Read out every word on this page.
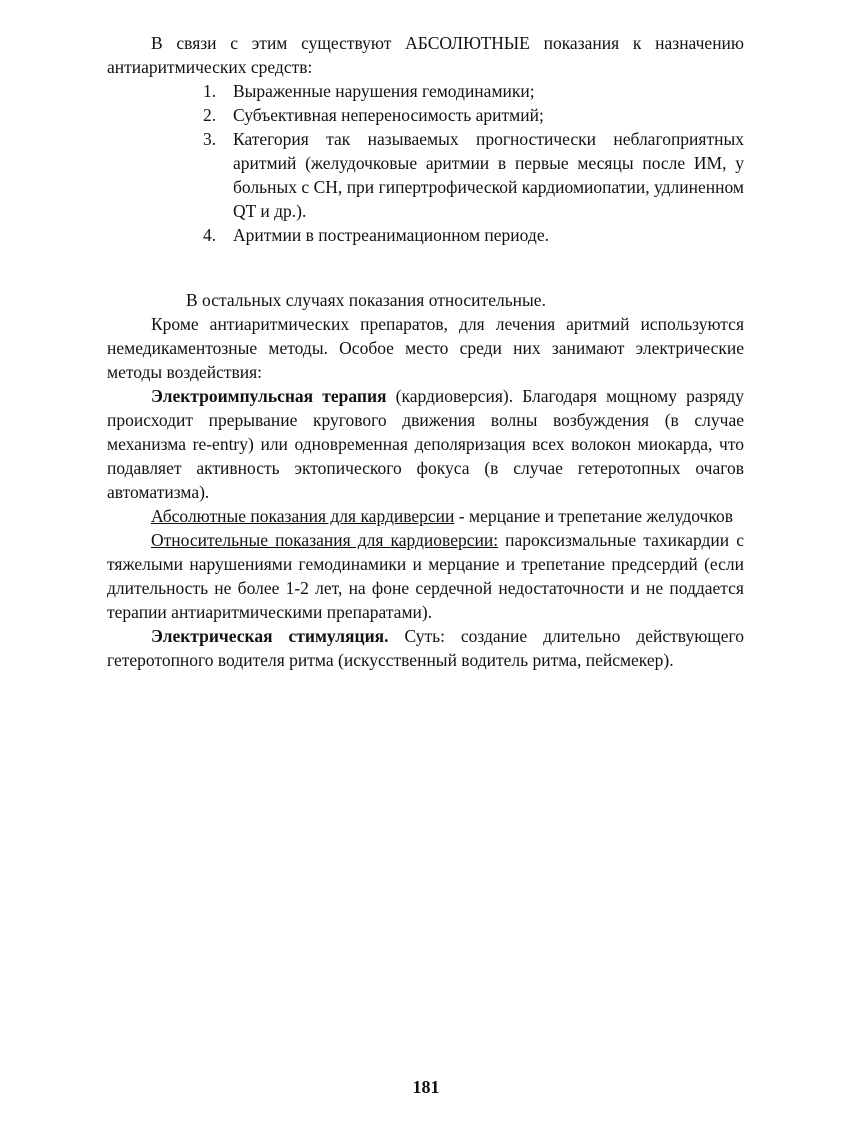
В связи с этим существуют АБСОЛЮТНЫЕ показания к назначению антиаритмических средств:

1. Выраженные нарушения гемодинамики;
2. Субъективная непереносимость аритмий;
3. Категория так называемых прогностически неблагоприятных аритмий (желудочковые аритмии в первые месяцы после ИМ, у больных с СН, при гипертрофической кардиомиопатии, удлиненном QT и др.).
4. Аритмии в постреанимационном периоде.

В остальных случаях показания относительные.

Кроме антиаритмических препаратов, для лечения аритмий используются немедикаментозные методы. Особое место среди них занимают электрические методы воздействия:

Электроимпульсная терапия (кардиоверсия). Благодаря мощному разряду происходит прерывание кругового движения волны возбуждения (в случае механизма re-entry) или одновременная деполяризация всех волокон миокарда, что подавляет активность эктопического фокуса (в случае гетеротопных очагов автоматизма).

Абсолютные показания для кардиверсии - мерцание и трепетание желудочков

Относительные показания для кардиоверсии: пароксизмальные тахикардии с тяжелыми нарушениями гемодинамики и мерцание и трепетание предсердий (если длительность не более 1-2 лет, на фоне сердечной недостаточности и не поддается терапии антиаритмическими препаратами).

Электрическая стимуляция. Суть: создание длительно действующего гетеротопного водителя ритма (искусственный водитель ритма, пейсмекер).

181
